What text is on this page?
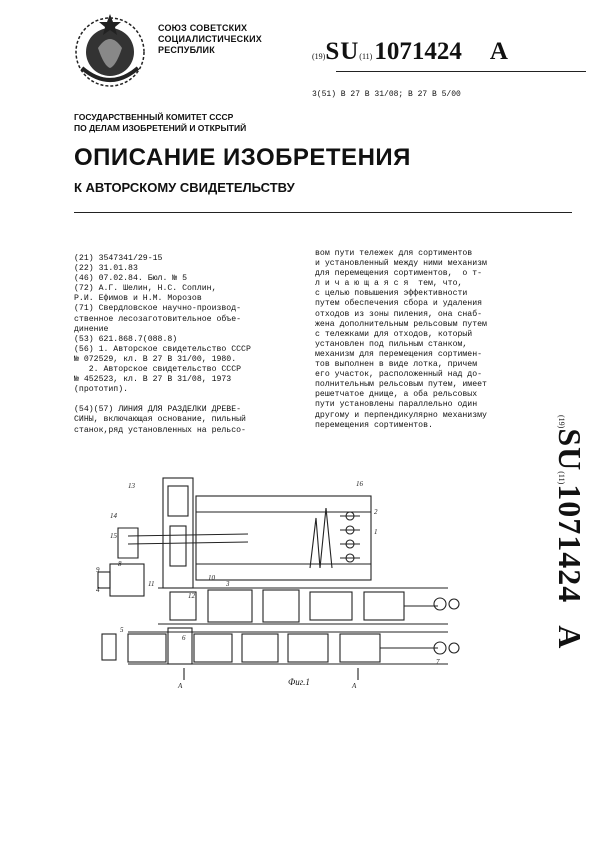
СОЮЗ СОВЕТСКИХ
СОЦИАЛИСТИЧЕСКИХ
РЕСПУБЛИК
(19)SU(11)1071424 A
3(51) В 27 В 31/08; В 27 В 5/00
ГОСУДАРСТВЕННЫЙ КОМИТЕТ СССР
ПО ДЕЛАМ ИЗОБРЕТЕНИЙ И ОТКРЫТИЙ
ОПИСАНИЕ ИЗОБРЕТЕНИЯ
К АВТОРСКОМУ СВИДЕТЕЛЬСТВУ
(21) 3547341/29-15
(22) 31.01.83
(46) 07.02.84. Бюл. № 5
(72) А.Г. Шелин, Н.С. Соплин,
Р.И. Ефимов и Н.М. Морозов
(71) Свердловское научно-производ-
ственное лесозаготовительное объе-
динение
(53) 621.868.7(088.8)
(56) 1. Авторское свидетельство СССР
№ 072529, кл. В 27 В 31/00, 1980.
2. Авторское свидетельство СССР
№ 452523, кл. В 27 В 31/08, 1973
(прототип).
(54)(57) ЛИНИЯ ДЛЯ РАЗДЕЛКИ ДРЕВЕ-
СИНЫ, включающая основание, пильный
станок,ряд установленных на рельсо-
вом пути тележек для сортиментов
и установленный между ними механизм
для перемещения сортиментов,  о т-
л и ч а ю щ а я с я  тем, что,
с целью повышения эффективности
путем обеспечения сбора и удаления
отходов из зоны пиления, она снаб-
жена дополнительным рельсовым путем
с тележками для отходов, который
установлен под пильным станком,
механизм для перемещения сортимен-
тов выполнен в виде лотка, причем
его участок, расположенный над до-
полнительным рельсовым путем, имеет
решетчатое днище, а оба рельсовых
пути установлены параллельно один
другому и перпендикулярно механизму
перемещения сортиментов.	(19)SU(11)1071424A
13	16
14
15
8
9
4
10
3
12
11
2
1
5
6
7
А	А
Фиг.1
